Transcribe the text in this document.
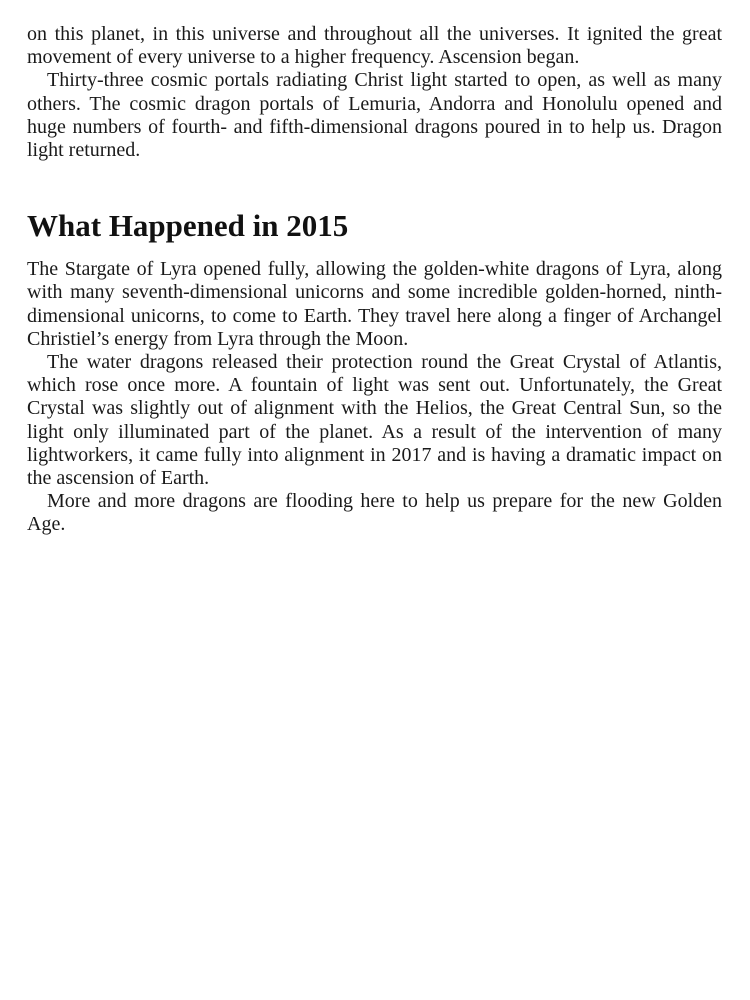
on this planet, in this universe and throughout all the universes. It ignited the great movement of every universe to a higher frequency. Ascension began.

Thirty-three cosmic portals radiating Christ light started to open, as well as many others. The cosmic dragon portals of Lemuria, Andorra and Honolulu opened and huge numbers of fourth- and fifth-dimensional dragons poured in to help us. Dragon light returned.

What Happened in 2015

The Stargate of Lyra opened fully, allowing the golden-white dragons of Lyra, along with many seventh-dimensional unicorns and some incredible golden-horned, ninth-dimensional unicorns, to come to Earth. They travel here along a finger of Archangel Christiel’s energy from Lyra through the Moon.

The water dragons released their protection round the Great Crystal of Atlantis, which rose once more. A fountain of light was sent out. Unfortunately, the Great Crystal was slightly out of alignment with the Helios, the Great Central Sun, so the light only illuminated part of the planet. As a result of the intervention of many lightworkers, it came fully into alignment in 2017 and is having a dramatic impact on the ascension of Earth.

More and more dragons are flooding here to help us prepare for the new Golden Age.
